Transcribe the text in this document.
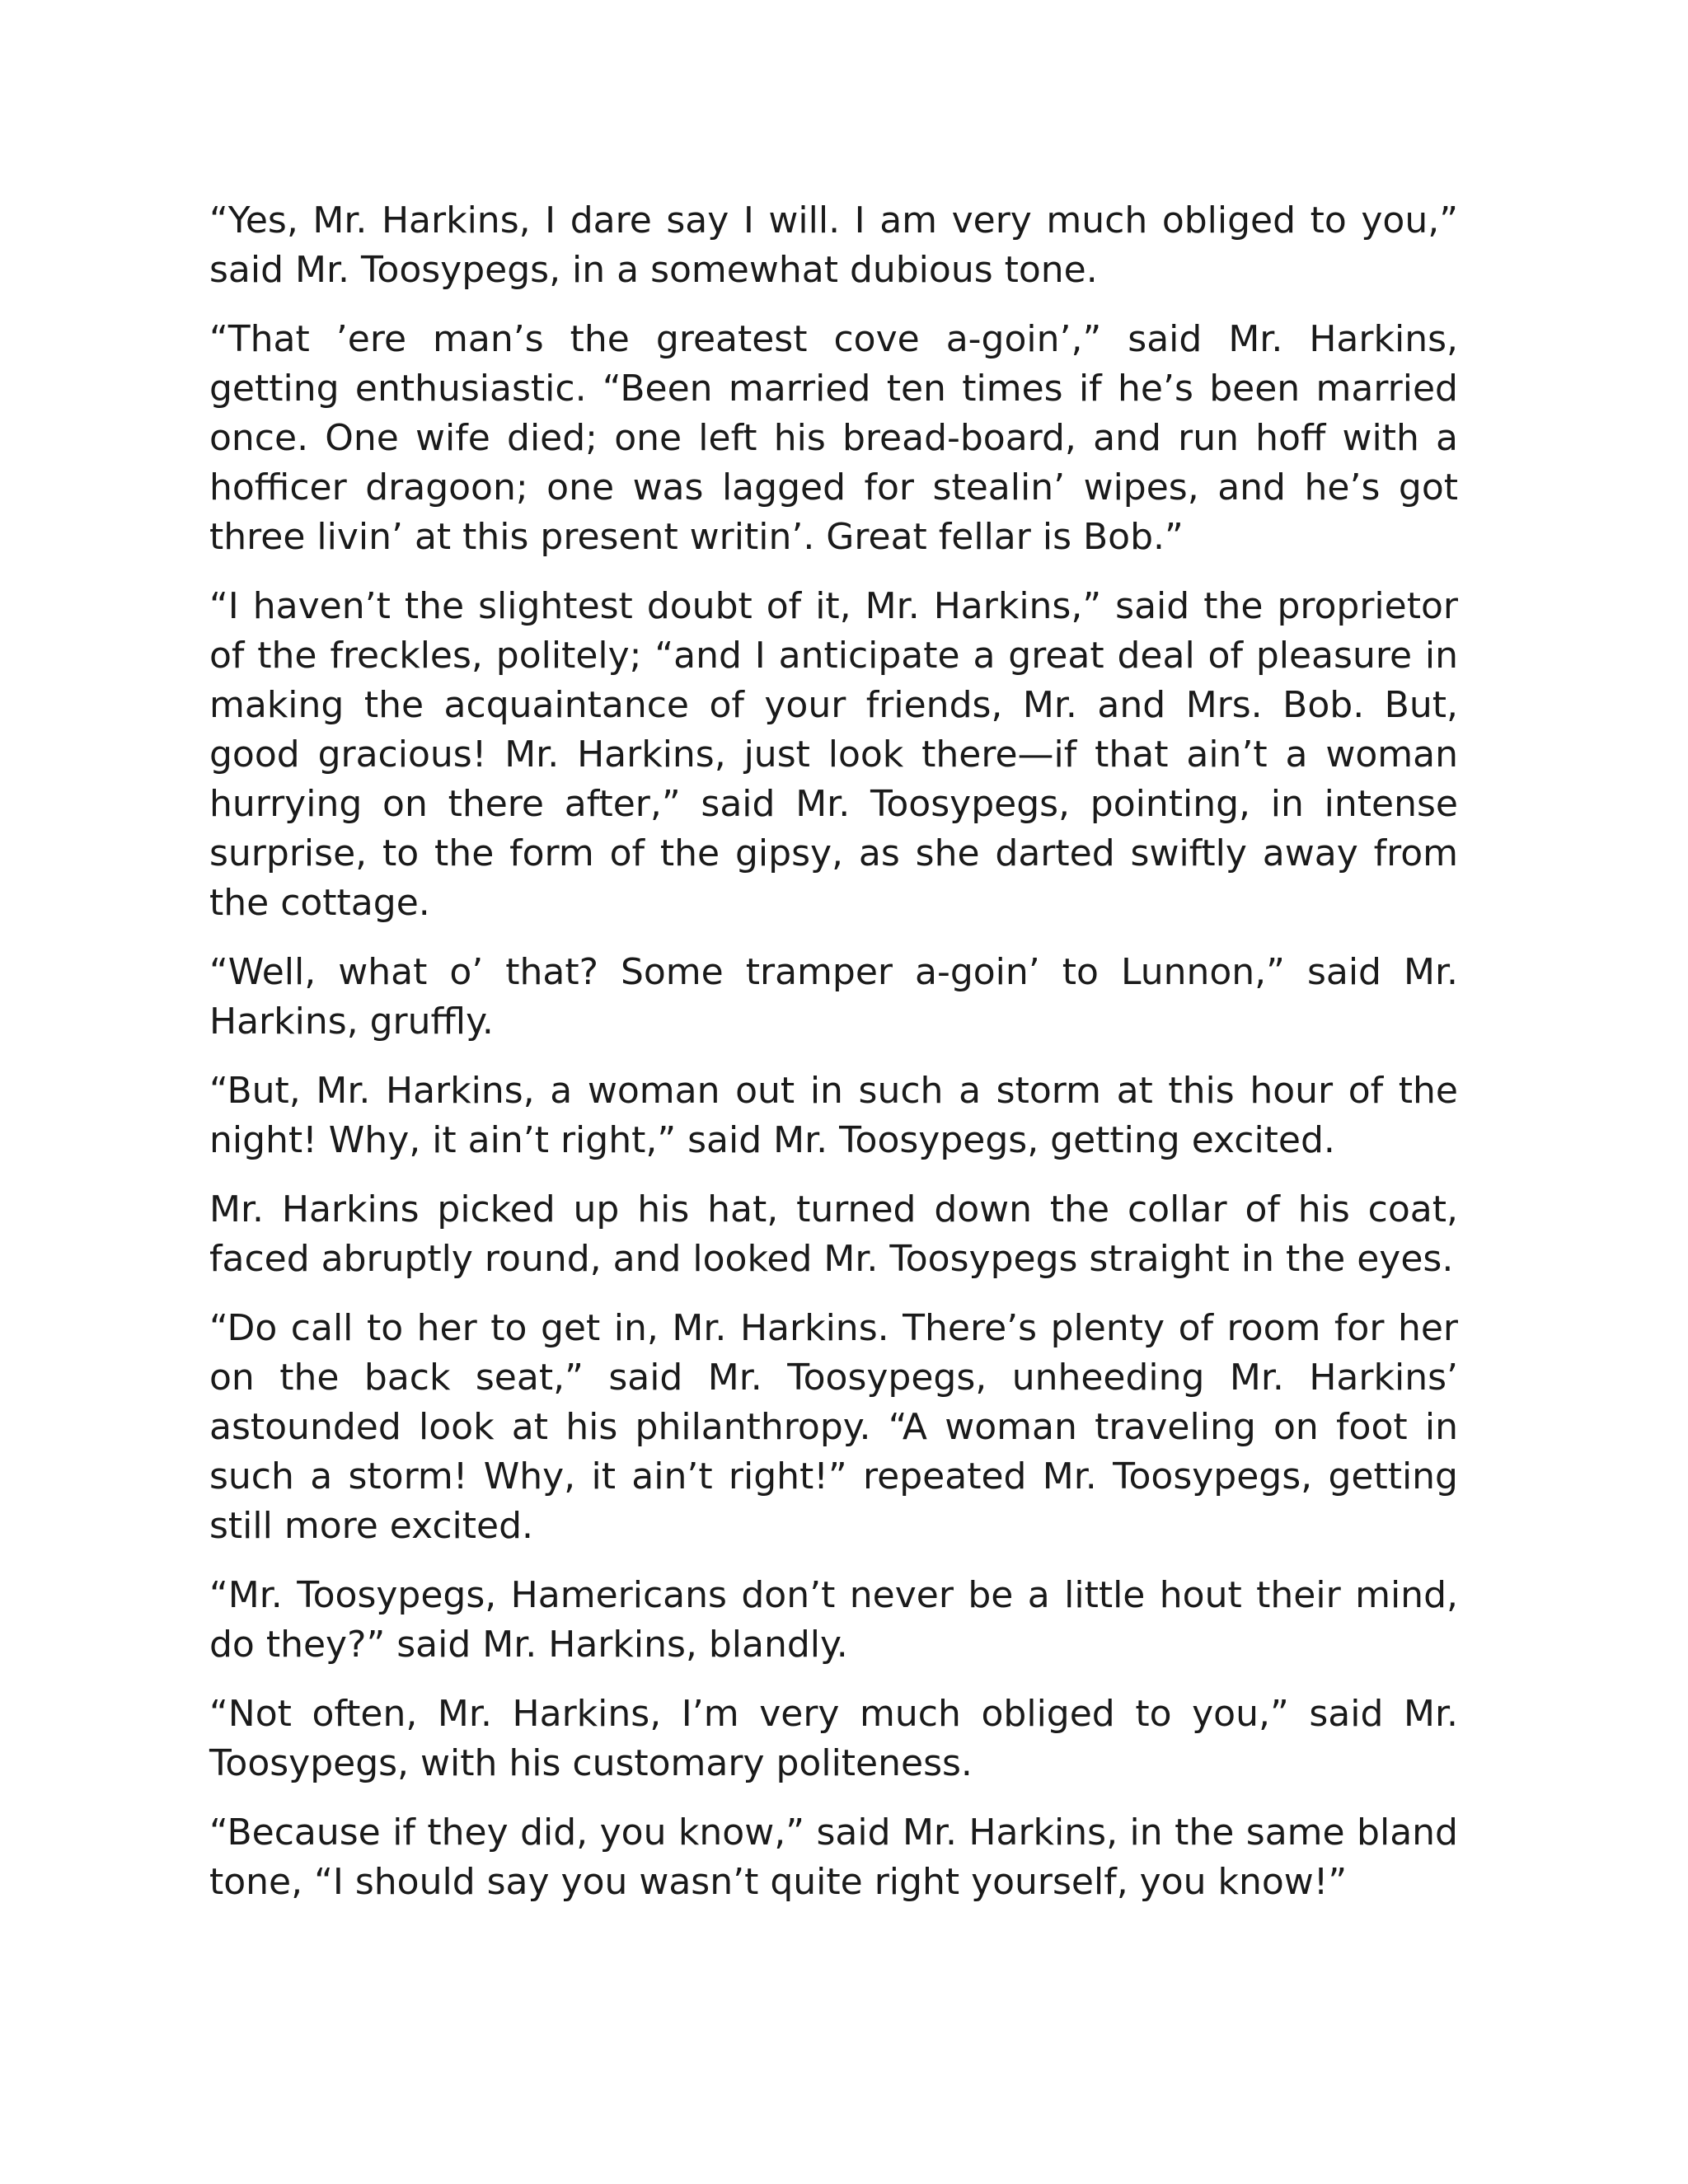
“Yes, Mr. Harkins, I dare say I will. I am very much obliged to you,” said Mr. Toosypegs, in a somewhat dubious tone.

“That ’ere man’s the greatest cove a-goin’,” said Mr. Harkins, getting enthusiastic. “Been married ten times if he’s been married once. One wife died; one left his bread-board, and run hoff with a hofficer dragoon; one was lagged for stealin’ wipes, and he’s got three livin’ at this present writin’. Great fellar is Bob.”

“I haven’t the slightest doubt of it, Mr. Harkins,” said the proprietor of the freckles, politely; “and I anticipate a great deal of pleasure in making the acquaintance of your friends, Mr. and Mrs. Bob. But, good gracious! Mr. Harkins, just look there—if that ain’t a woman hurrying on there after,” said Mr. Toosypegs, pointing, in intense surprise, to the form of the gipsy, as she darted swiftly away from the cottage.

“Well, what o’ that? Some tramper a-goin’ to Lunnon,” said Mr. Harkins, gruffly.

“But, Mr. Harkins, a woman out in such a storm at this hour of the night! Why, it ain’t right,” said Mr. Toosypegs, getting excited.

Mr. Harkins picked up his hat, turned down the collar of his coat, faced abruptly round, and looked Mr. Toosypegs straight in the eyes.

“Do call to her to get in, Mr. Harkins. There’s plenty of room for her on the back seat,” said Mr. Toosypegs, unheeding Mr. Harkins’ astounded look at his philanthropy. “A woman traveling on foot in such a storm! Why, it ain’t right!” repeated Mr. Toosypegs, getting still more excited.

“Mr. Toosypegs, Hamericans don’t never be a little hout their mind, do they?” said Mr. Harkins, blandly.

“Not often, Mr. Harkins, I’m very much obliged to you,” said Mr. Toosypegs, with his customary politeness.

“Because if they did, you know,” said Mr. Harkins, in the same bland tone, “I should say you wasn’t quite right yourself, you know!”
